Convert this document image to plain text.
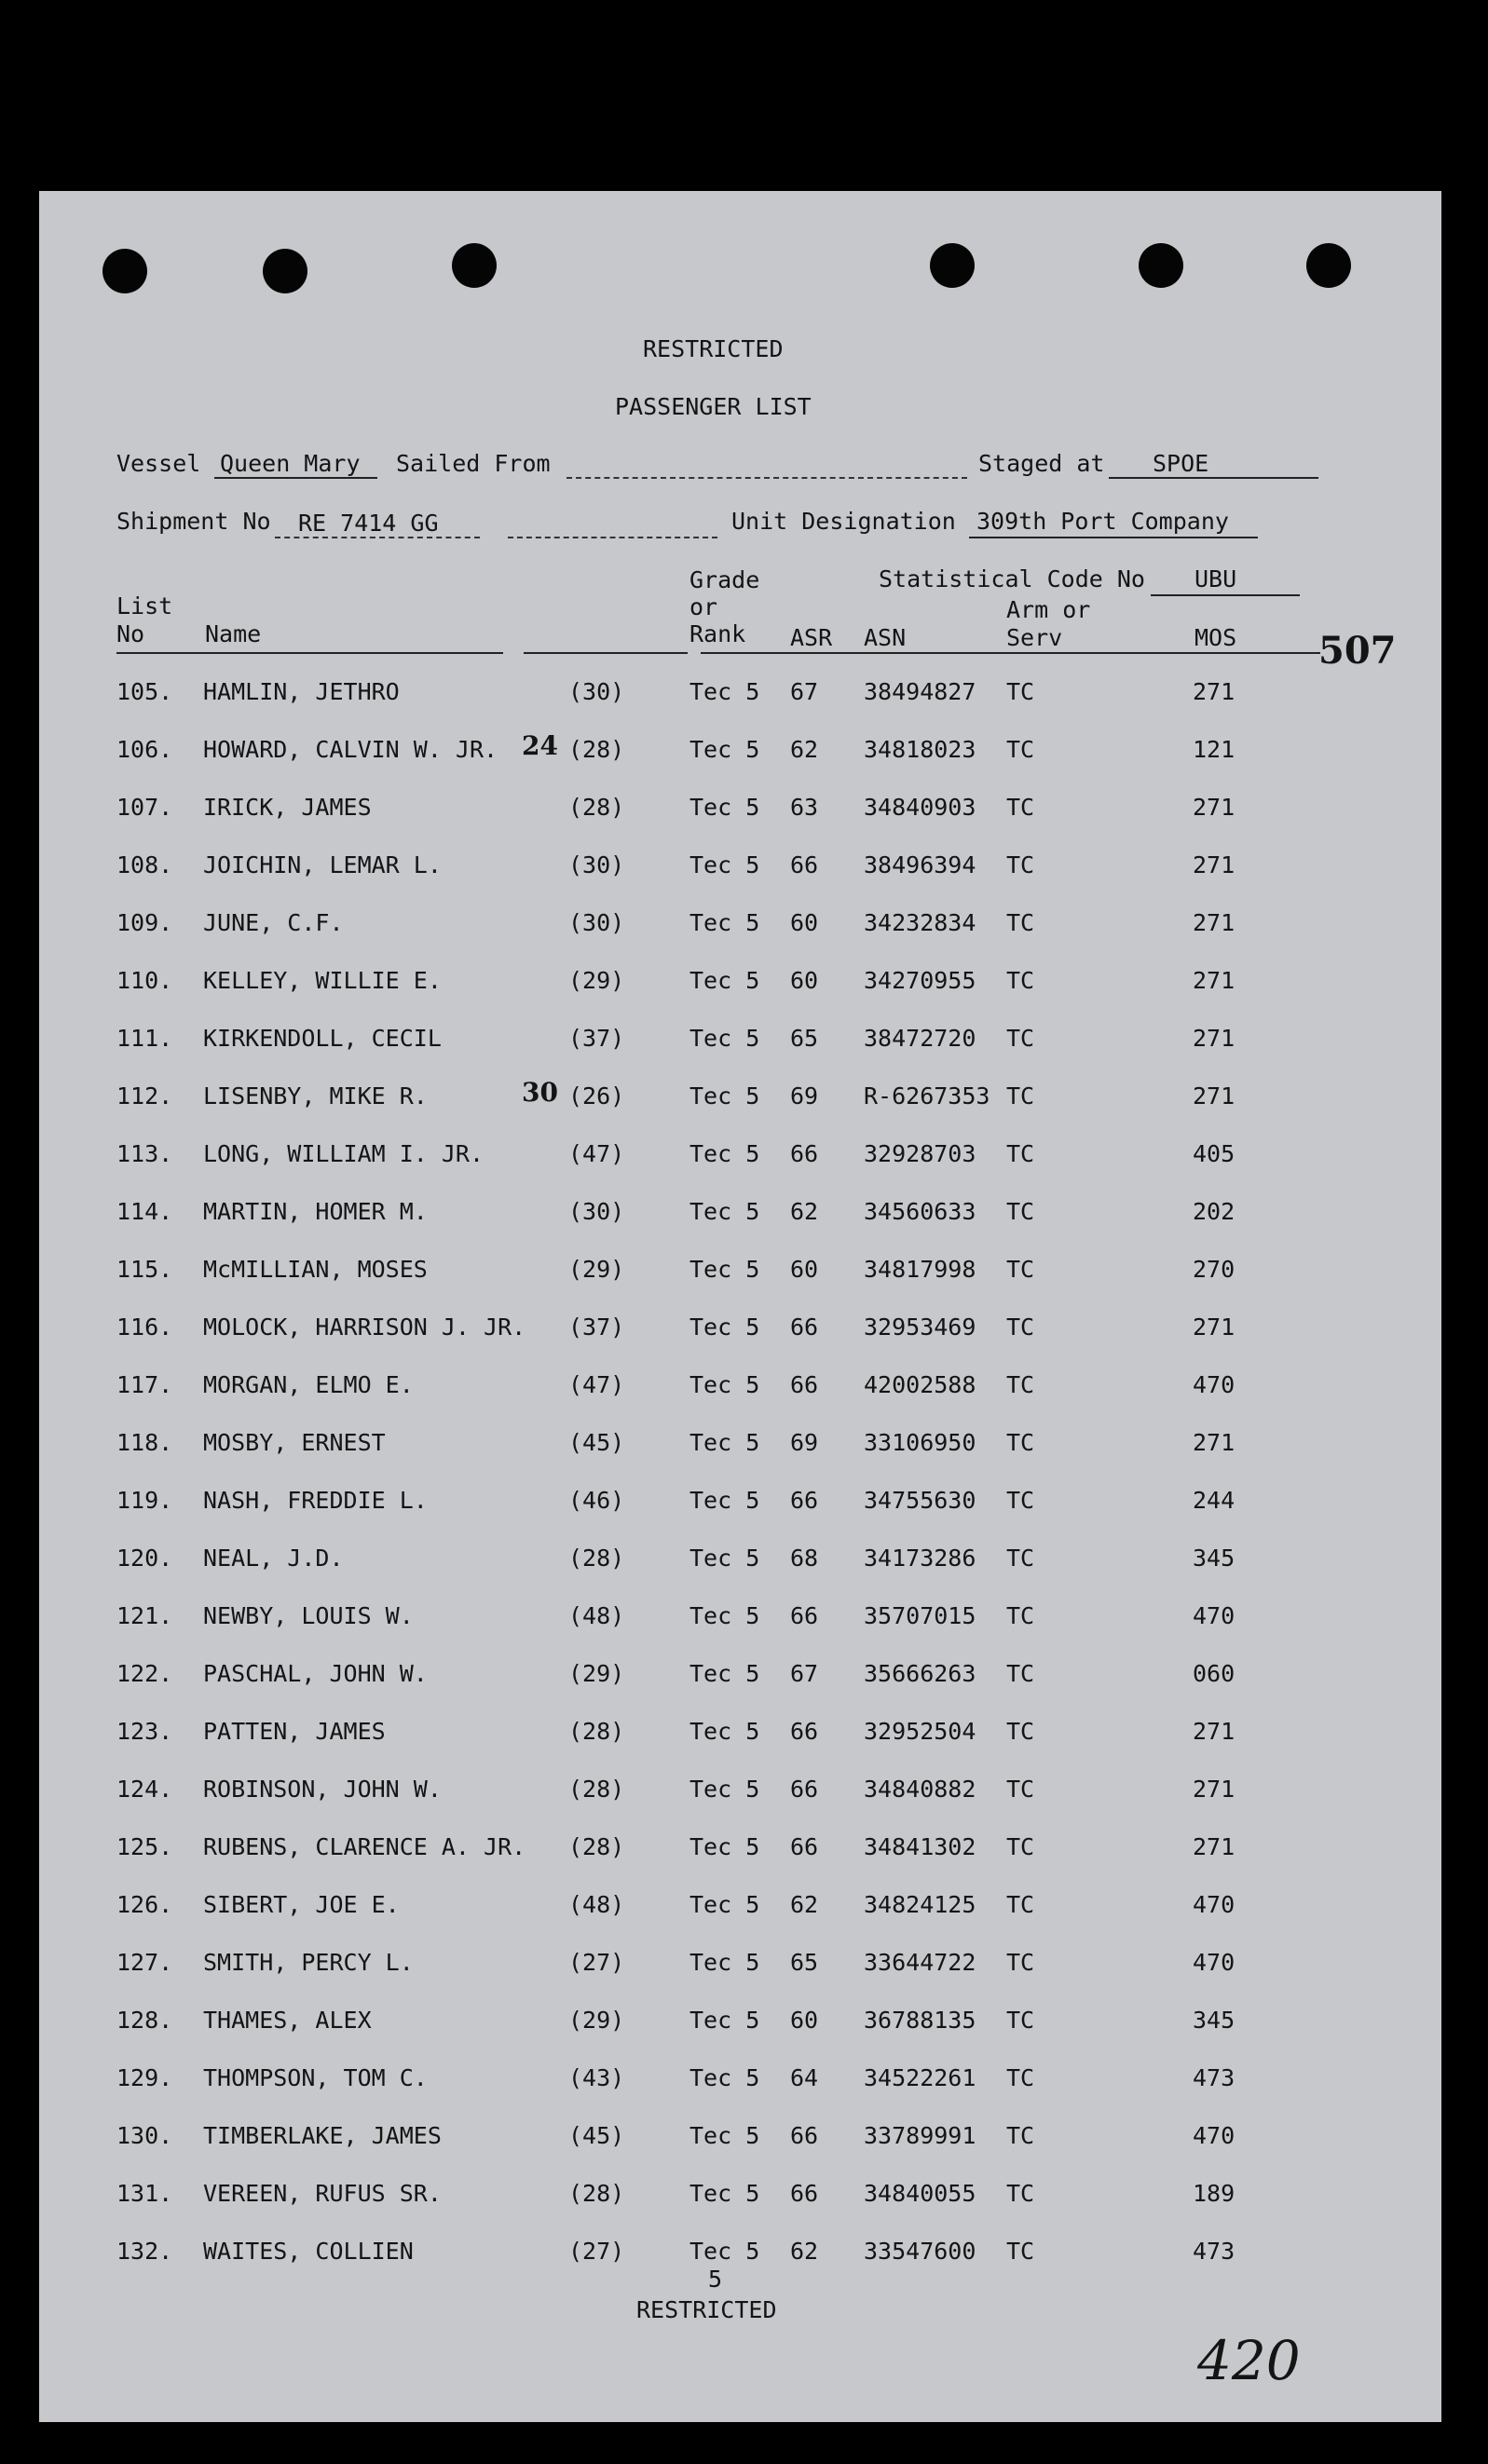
RESTRICTED
PASSENGER LIST
Vessel Queen Mary Sailed From	Staged at SPOE
Shipment No RE 7414 GG	Unit Designation 309th Port Company
Statistical Code No UBU
List
No	Name
Grade
or
Rank	ASR ASN
Arm or
Serv	MOS 507
105. HAMLIN, JETHRO	(30)	Tec 5 67 38494827 TC	271
106. HOWARD, CALVIN W. JR.	(28)	Tec 5 62 34818023 TC	121
24
107. IRICK, JAMES	(28)	Tec 5 63 34840903 TC	271
108. JOICHIN, LEMAR L.	(30)	Tec 5 66 38496394 TC	271
109. JUNE, C.F.	(30)	Tec 5 60 34232834 TC	271
110. KELLEY, WILLIE E.	(29)	Tec 5 60 34270955 TC	271
111. KIRKENDOLL, CECIL	(37)	Tec 5 65 38472720 TC	271
112. LISENBY, MIKE R.	(26)	Tec 5 69 R-6267353 TC	271
30
113. LONG, WILLIAM I. JR.	(47)	Tec 5 66 32928703 TC	405
114. MARTIN, HOMER M.	(30)	Tec 5 62 34560633 TC	202
115. McMILLIAN, MOSES	(29)	Tec 5 60 34817998 TC	270
116. MOLOCK, HARRISON J. JR. (37)	Tec 5 66 32953469 TC	271
117. MORGAN, ELMO E.	(47)	Tec 5 66 42002588 TC	470
118. MOSBY, ERNEST	(45)	Tec 5 69 33106950 TC	271
119. NASH, FREDDIE L.	(46)	Tec 5 66 34755630 TC	244
120. NEAL, J.D.	(28)	Tec 5 68 34173286 TC	345
121. NEWBY, LOUIS W.	(48)	Tec 5 66 35707015 TC	470
122. PASCHAL, JOHN W.	(29)	Tec 5 67 35666263 TC	060
123. PATTEN, JAMES	(28)	Tec 5 66 32952504 TC	271
124. ROBINSON, JOHN W.	(28)	Tec 5 66 34840882 TC	271
125. RUBENS, CLARENCE A. JR. (28)	Tec 5 66 34841302 TC	271
126. SIBERT, JOE E.	(48)	Tec 5 62 34824125 TC	470
127. SMITH, PERCY L.	(27)	Tec 5 65 33644722 TC	470
128. THAMES, ALEX	(29)	Tec 5 60 36788135 TC	345
129. THOMPSON, TOM C.	(43)	Tec 5 64 34522261 TC	473
130. TIMBERLAKE, JAMES	(45)	Tec 5 66 33789991 TC	470
131. VEREEN, RUFUS SR.	(28)	Tec 5 66 34840055 TC	189
132. WAITES, COLLIEN	(27)	Tec 5 62 33547600 TC	473
5
RESTRICTED
420
